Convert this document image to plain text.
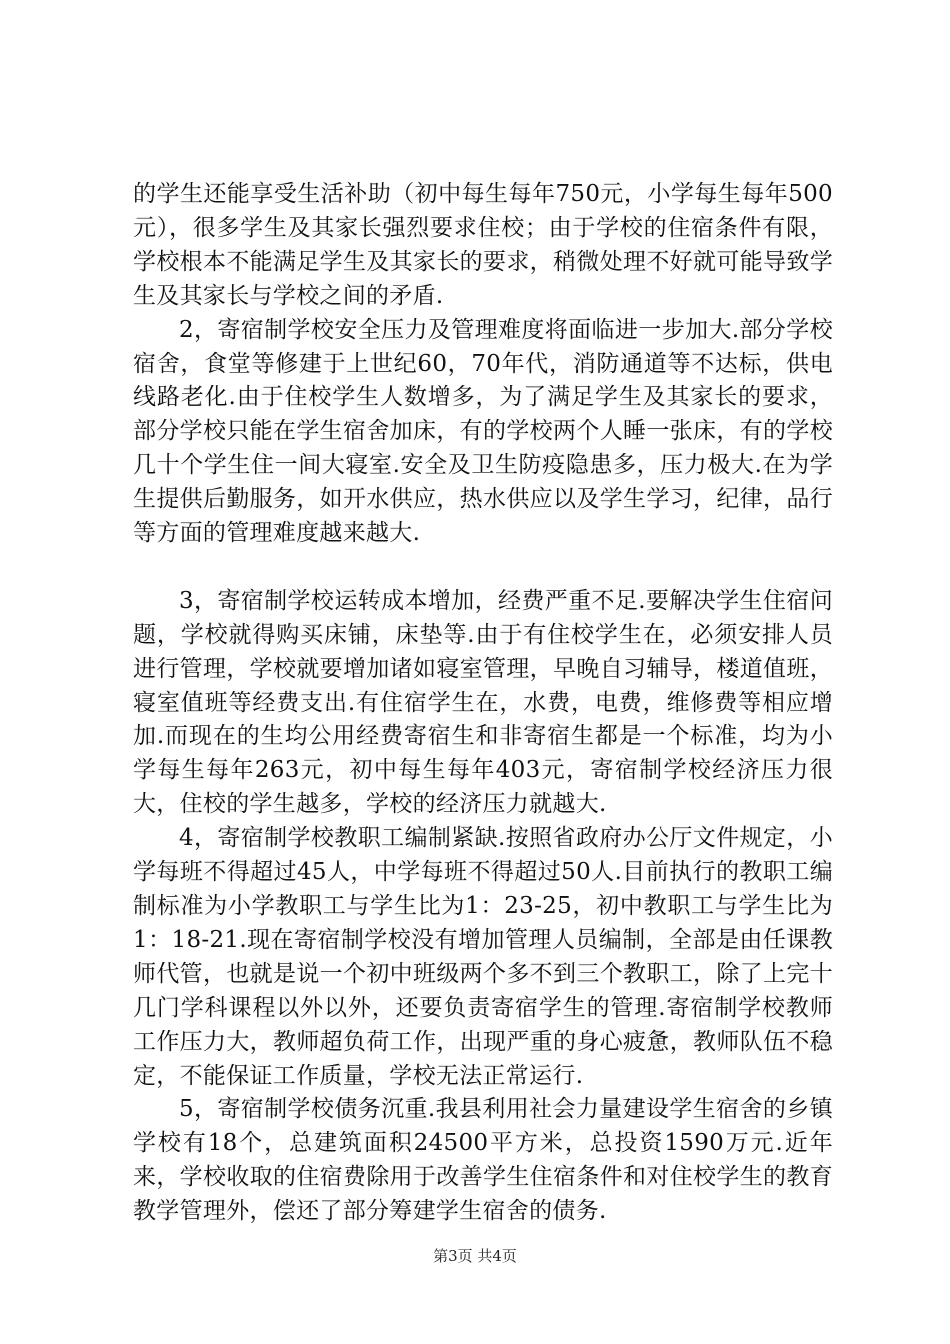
的学生还能享受生活补助（初中每生每年750元，小学每生每年500元），很多学生及其家长强烈要求住校；由于学校的住宿条件有限，学校根本不能满足学生及其家长的要求，稍微处理不好就可能导致学生及其家长与学校之间的矛盾.

2，寄宿制学校安全压力及管理难度将面临进一步加大.部分学校宿舍，食堂等修建于上世纪60，70年代，消防通道等不达标，供电线路老化.由于住校学生人数增多，为了满足学生及其家长的要求，部分学校只能在学生宿舍加床，有的学校两个人睡一张床，有的学校几十个学生住一间大寝室.安全及卫生防疫隐患多，压力极大.在为学生提供后勤服务，如开水供应，热水供应以及学生学习，纪律，品行等方面的管理难度越来越大.

3，寄宿制学校运转成本增加，经费严重不足.要解决学生住宿问题，学校就得购买床铺，床垫等.由于有住校学生在，必须安排人员进行管理，学校就要增加诸如寝室管理，早晚自习辅导，楼道值班，寝室值班等经费支出.有住宿学生在，水费，电费，维修费等相应增加.而现在的生均公用经费寄宿生和非寄宿生都是一个标准，均为小学每生每年263元，初中每生每年403元，寄宿制学校经济压力很大，住校的学生越多，学校的经济压力就越大.

4，寄宿制学校教职工编制紧缺.按照省政府办公厅文件规定，小学每班不得超过45人，中学每班不得超过50人.目前执行的教职工编制标准为小学教职工与学生比为1：23-25，初中教职工与学生比为1：18-21.现在寄宿制学校没有增加管理人员编制，全部是由任课教师代管，也就是说一个初中班级两个多不到三个教职工，除了上完十几门学科课程以外以外，还要负责寄宿学生的管理.寄宿制学校教师工作压力大，教师超负荷工作，出现严重的身心疲惫，教师队伍不稳定，不能保证工作质量，学校无法正常运行.

5，寄宿制学校债务沉重.我县利用社会力量建设学生宿舍的乡镇学校有18个，总建筑面积24500平方米，总投资1590万元.近年来，学校收取的住宿费除用于改善学生住宿条件和对住校学生的教育教学管理外，偿还了部分筹建学生宿舍的债务.

第3页 共4页
